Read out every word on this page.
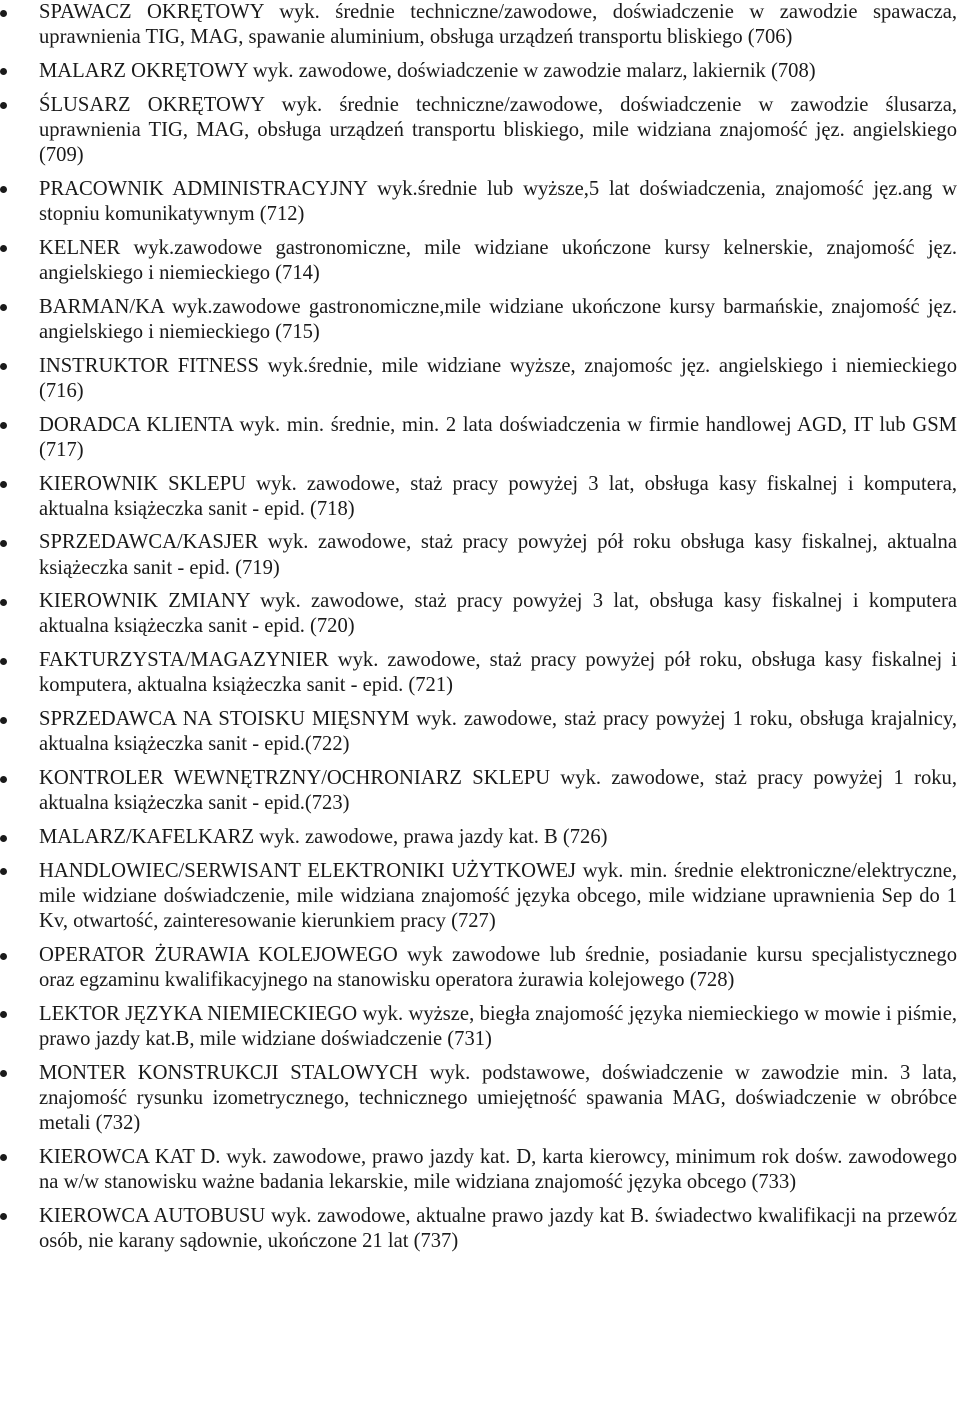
SPAWACZ OKRĘTOWY wyk. średnie techniczne/zawodowe, doświadczenie w zawodzie spawacza, uprawnienia TIG, MAG, spawanie aluminium, obsługa urządzeń transportu bliskiego (706)
MALARZ OKRĘTOWY wyk. zawodowe, doświadczenie w zawodzie malarz, lakiernik (708)
ŚLUSARZ OKRĘTOWY wyk. średnie techniczne/zawodowe, doświadczenie w zawodzie ślusarza, uprawnienia TIG, MAG, obsługa urządzeń transportu bliskiego, mile widziana znajomość jęz. angielskiego (709)
PRACOWNIK ADMINISTRACYJNY wyk.średnie lub wyższe,5 lat doświadczenia, znajomość jęz.ang w stopniu komunikatywnym (712)
KELNER wyk.zawodowe gastronomiczne, mile widziane ukończone kursy kelnerskie, znajomość jęz. angielskiego i niemieckiego (714)
BARMAN/KA wyk.zawodowe gastronomiczne,mile widziane ukończone kursy barmańskie, znajomość jęz. angielskiego i niemieckiego (715)
INSTRUKTOR FITNESS wyk.średnie, mile widziane wyższe, znajomośc jęz. angielskiego i niemieckiego (716)
DORADCA KLIENTA wyk. min. średnie, min. 2 lata doświadczenia w firmie handlowej AGD, IT lub GSM (717)
KIEROWNIK SKLEPU wyk. zawodowe, staż pracy powyżej 3 lat, obsługa kasy fiskalnej i komputera, aktualna książeczka sanit - epid. (718)
SPRZEDAWCA/KASJER wyk. zawodowe, staż pracy powyżej pół roku obsługa kasy fiskalnej, aktualna książeczka sanit - epid. (719)
KIEROWNIK ZMIANY wyk. zawodowe, staż pracy powyżej 3 lat, obsługa kasy fiskalnej i komputera aktualna książeczka sanit - epid. (720)
FAKTURZYSTA/MAGAZYNIER wyk. zawodowe, staż pracy powyżej pół roku, obsługa kasy fiskalnej i komputera, aktualna książeczka sanit - epid. (721)
SPRZEDAWCA NA STOISKU MIĘSNYM wyk. zawodowe, staż pracy powyżej 1 roku, obsługa krajalnicy, aktualna książeczka sanit - epid.(722)
KONTROLER WEWNĘTRZNY/OCHRONIARZ SKLEPU wyk. zawodowe, staż pracy powyżej 1 roku, aktualna książeczka sanit - epid.(723)
MALARZ/KAFELKARZ wyk. zawodowe, prawa jazdy kat. B (726)
HANDLOWIEC/SERWISANT ELEKTRONIKI UŻYTKOWEJ wyk. min. średnie elektroniczne/elektryczne, mile widziane doświadczenie, mile widziana znajomość języka obcego, mile widziane uprawnienia Sep do 1 Kv, otwartość, zainteresowanie kierunkiem pracy (727)
OPERATOR ŻURAWIA KOLEJOWEGO wyk zawodowe lub średnie, posiadanie kursu specjalistycznego oraz egzaminu kwalifikacyjnego na stanowisku operatora żurawia kolejowego (728)
LEKTOR JĘZYKA NIEMIECKIEGO wyk. wyższe, biegła znajomość języka niemieckiego w mowie i piśmie, prawo jazdy kat.B, mile widziane doświadczenie (731)
MONTER KONSTRUKCJI STALOWYCH wyk. podstawowe, doświadczenie w zawodzie min. 3 lata, znajomość rysunku izometrycznego, technicznego umiejętność spawania MAG, doświadczenie w obróbce metali (732)
KIEROWCA KAT D. wyk. zawodowe, prawo jazdy kat. D, karta kierowcy, minimum rok dośw. zawodowego na w/w stanowisku ważne badania lekarskie, mile widziana znajomość języka obcego (733)
KIEROWCA AUTOBUSU wyk. zawodowe, aktualne prawo jazdy kat B. świadectwo kwalifikacji na przewóz osób, nie karany sądownie, ukończone 21 lat (737)
